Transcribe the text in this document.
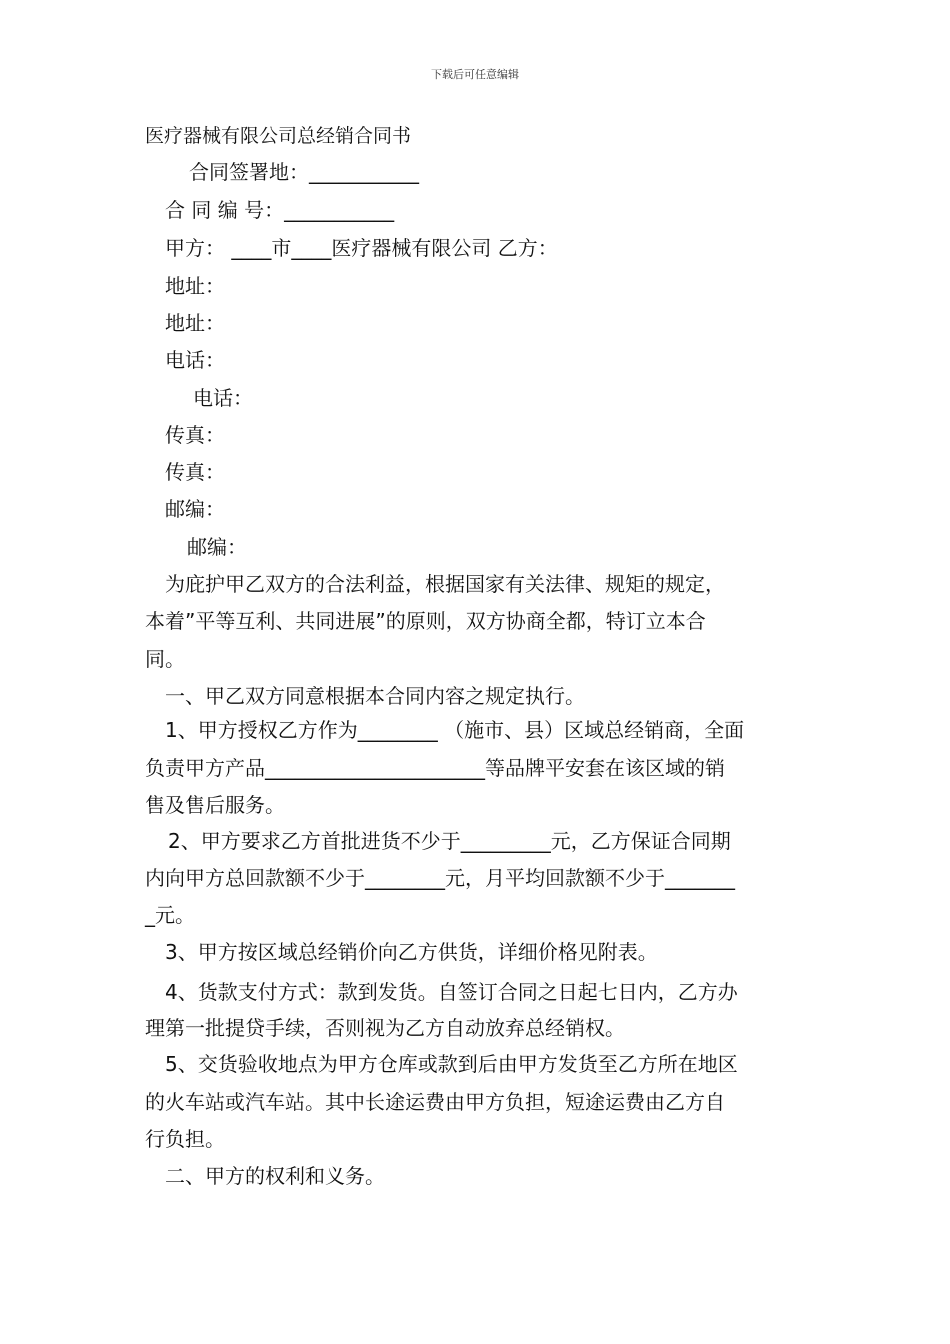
下载后可任意编辑
医疗器械有限公司总经销合同书
合同签署地：___________
合 同 编 号：___________
甲方： ____市____医疗器械有限公司 乙方：
地址：
地址：
电话：
电话：
传真：
传真：
邮编：
邮编：
为庇护甲乙双方的合法利益，根据国家有关法律、规矩的规定，
本着”平等互利、共同进展”的原则，双方协商全都，特订立本合
同。
一、甲乙双方同意根据本合同内容之规定执行。
1、甲方授权乙方作为________ （施市、县）区域总经销商，全面
负责甲方产品______________________等品牌平安套在该区域的销
售及售后服务。
2、甲方要求乙方首批进货不少于_________元，乙方保证合同期
内向甲方总回款额不少于________元，月平均回款额不少于_______
_元。
3、甲方按区域总经销价向乙方供货，详细价格见附表。
4、货款支付方式：款到发货。自签订合同之日起七日内，乙方办
理第一批提贷手续，否则视为乙方自动放弃总经销权。
5、交货验收地点为甲方仓库或款到后由甲方发货至乙方所在地区
的火车站或汽车站。其中长途运费由甲方负担，短途运费由乙方自
行负担。
二、甲方的权利和义务。
